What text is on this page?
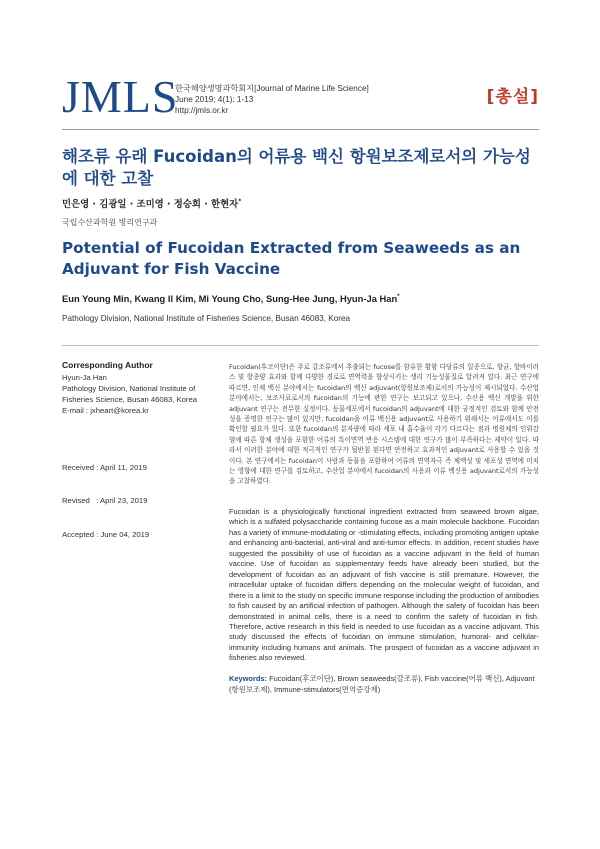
JMLS
한국해양생명과학회지[Journal of Marine Life Science]
June 2019; 4(1): 1-13
http://jmls.or.kr
[총설]
해조류 유래 Fucoidan의 어류용 백신 항원보조제로서의 가능성에 대한 고찰
민은영 · 김광일 · 조미영 · 정승희 · 한현자*
국립수산과학원 병리연구과
Potential of Fucoidan Extracted from Seaweeds as an Adjuvant for Fish Vaccine
Eun Young Min, Kwang Il Kim, Mi Young Cho, Sung-Hee Jung, Hyun-Ja Han*
Pathology Division, National Institute of Fisheries Science, Busan 46083, Korea
Corresponding Author
Hyun-Ja Han
Pathology Division, National Institute of
Fisheries Science, Busan 46083, Korea
E-mail : jxheart@korea.kr

Received : April 11, 2019

Revised   : April 23, 2019

Accepted : June 04, 2019

Fucoidan(후코이단)은 주로 갈조류에서 추출되는 fucose를 함유한 황함 다당류의 일종으로, 항균, 항바이러스 및 항종양 효과와 함께 다양한 경로로 면역력을 향상시키는 생리 기능성물질로 알려져 있다. 최근 연구에 따르면, 인체 백신 분야에서는 fucoidan의 백신 adjuvant(항원보조제)로서의 가능성이 제시되었다. 수산업 분야에서는, 보조사료로서의 fucoidan의 기능에 관한 연구는 보고되고 있으나, 수산용 백신 개발을 위한 adjuvant 연구는 전무한 실정이다. 동물세포에서 fucoidan의 adjuvant에 대한 궁정적인 검토와 함께 안전성을 증명한 연구는 많이 있지만, fucoidan을 어류 백신용 adjuvant로 사용하기 위해서는 어류에서도 이를 확인할 필요가 있다. 또한 fucoidan의 분자량에 따라 세포 내 흡수율이 각기 다르다는 점과 병원체의 인위감염에 따른 항체 생성을 포함한 어류의 특이면역 반응 시스템에 대한 연구가 많이 부족하다는 제약이 있다. 따라서 이러한 분야에 대한 적극적인 연구가 뒷받침 된다면 안전하고 효과적인 adjuvant로 사용할 수 있을 것이다. 본 연구에서는 fucoidan이 사람과 동물을 포함하여 어류의 면역자극 즉 체액성 및 세포성 면역에 미치는 영향에 대한 연구를 검토하고, 수산업 분야에서 fucoidan의 사용과 어류 백신용 adjuvant로서의 가능성을 고찰하였다.
Fucoidan is a physiologically functional ingredient extracted from seaweed brown algae, which is a sulfated polysaccharide containing fucose as a main molecule backbone. Fucoidan has a variety of immune-modulating or -stimulating effects, including promoting antigen uptake and enhancing anti-bacterial, anti-viral and anti-tumor effects. In addition, recent studies have suggested the possibility of use of fucoidan as a vaccine adjuvant in the field of human vaccine. Use of fucoidan as supplementary feeds have already been studied, but the development of fucoidan as an adjuvant of fish vaccine is still premature. However, the intracellular uptake of fucoidan differs depending on the molecular weight of fucoidan, and there is a limit to the study on specific immune response including the production of antibodies to fish caused by an artificial infection of pathogen. Although the safety of fucoidan has been demonstrated in animal cells, there is a need to confirm the safety of fucoidan in fish. Therefore, active research in this field is needed to use fucoidan as a vaccine adjuvant. This study discussed the effects of fucoidan on immune stimulation, humoral- and cellular- immunity including humans and animals. The prospect of fucoidan as a vaccine adjuvant in fisheries also reviewed.
Keywords: Fucoidan(후코이단), Brown seaweeds(갈조류), Fish vaccine(어류 백신), Adjuvant (항원보조제), Immune-stimulators(면역증강제)
